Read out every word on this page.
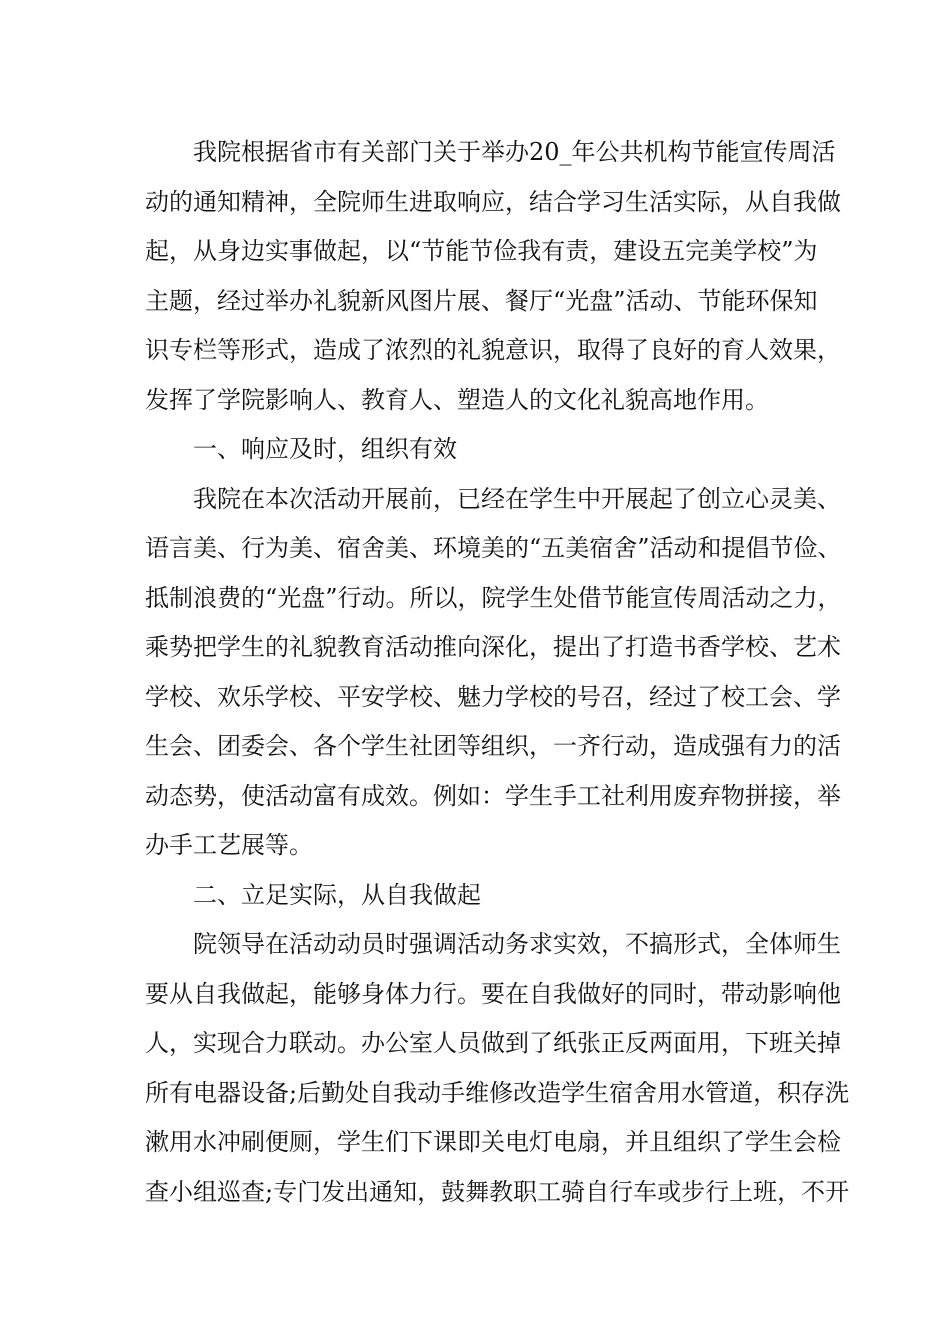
我院根据省市有关部门关于举办20_年公共机构节能宣传周活
动的通知精神，全院师生进取响应，结合学习生活实际，从自我做
起，从身边实事做起，以“节能节俭我有责，建设五完美学校”为
主题，经过举办礼貌新风图片展、餐厅“光盘”活动、节能环保知
识专栏等形式，造成了浓烈的礼貌意识，取得了良好的育人效果，
发挥了学院影响人、教育人、塑造人的文化礼貌高地作用。
一、响应及时，组织有效
我院在本次活动开展前，已经在学生中开展起了创立心灵美、
语言美、行为美、宿舍美、环境美的“五美宿舍”活动和提倡节俭、
抵制浪费的“光盘”行动。所以，院学生处借节能宣传周活动之力，
乘势把学生的礼貌教育活动推向深化，提出了打造书香学校、艺术
学校、欢乐学校、平安学校、魅力学校的号召，经过了校工会、学
生会、团委会、各个学生社团等组织，一齐行动，造成强有力的活
动态势，使活动富有成效。例如：学生手工社利用废弃物拼接，举
办手工艺展等。
二、立足实际，从自我做起
院领导在活动动员时强调活动务求实效，不搞形式，全体师生
要从自我做起，能够身体力行。要在自我做好的同时，带动影响他
人，实现合力联动。办公室人员做到了纸张正反两面用，下班关掉
所有电器设备;后勤处自我动手维修改造学生宿舍用水管道，积存洗
漱用水冲刷便厕，学生们下课即关电灯电扇，并且组织了学生会检
查小组巡查;专门发出通知，鼓舞教职工骑自行车或步行上班，不开
